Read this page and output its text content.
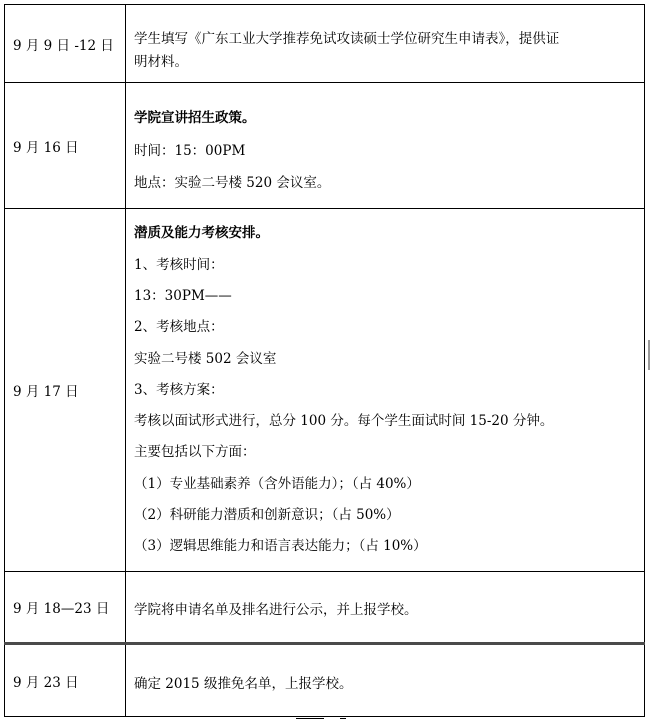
9 月 9 日 -12 日 学生填写《广东工业大学推荐免试攻读硕士学位研究生申请表》，提供证
明材料。
9 月 16 日
学院宣讲招生政策。
时间：15：00PM
地点：实验二号楼 520 会议室。
9 月 17 日
潜质及能力考核安排。
1、考核时间：
13：30PM——
2、考核地点：
实验二号楼 502 会议室
3、考核方案：
考核以面试形式进行，总分 100 分。每个学生面试时间 15-20 分钟。
主要包括以下方面：
（1）专业基础素养（含外语能力）；（占 40%）
（2）科研能力潜质和创新意识；（占 50%）
（3）逻辑思维能力和语言表达能力；（占 10%）
9 月 18—23 日 学院将申请名单及排名进行公示，并上报学校。
9 月 23 日	确定 2015 级推免名单，上报学校。
